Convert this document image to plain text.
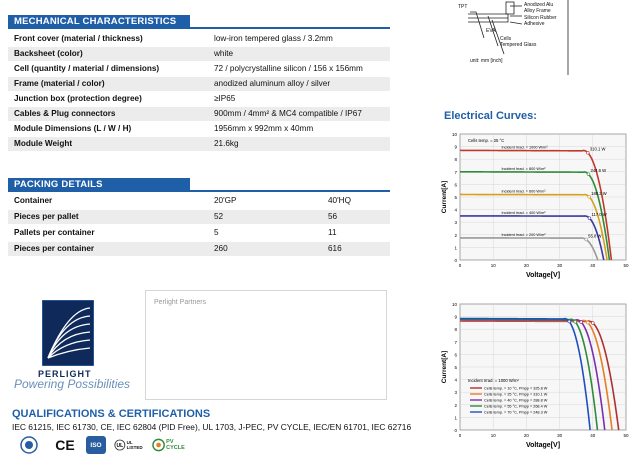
MECHANICAL CHARACTERISTICS
Front cover (material / thickness)	low-iron tempered glass / 3.2mm
Backsheet (color)	white
Cell (quantity / material / dimensions)	72 / polycrystalline silicon / 156 x 156mm
Frame (material / color)	anodized aluminum alloy / silver
Junction box (protection degree)	≥IP65
Cables & Plug connectors	900mm / 4mm² & MC4 compatible / IP67
Module Dimensions (L / W / H)	1956mm x 992mm x 40mm
Module Weight	21.6kg
PACKING DETAILS
Container	20'GP	40'HQ
Pieces per pallet	52	56
Pallets per container	5	11
Pieces per container	260	616
PERLIGHT
Powering Possibilities
Perlight Partners
QUALIFICATIONS & CERTIFICATIONS
IEC 61215, IEC 61730, CE, IEC 62804 (PID Free), UL 1703, J-PEC, PV CYCLE, IEC/EN 61701, IEC 62716
CE ISO UL
UL LISTED
PV CYCLE
TPT	Anodized Alu
Alloy Frame
Silicon Rubber
Adhesive
EVA
Cells
Tempered Glass
unit: mm [inch]
Electrical Curves:
0
1
2
3
4
5
6
7
8
9
10
0	10	20	30	40	50
Voltage[V]
Current[A]
Incident Irrad. = 1000 W/m²	310.1 W
Incident Irrad. = 800 W/m²	244.6 W
Incident Irrad. = 600 W/m²	180.2 W
Incident Irrad. = 400 W/m²	117.0 W
Incident Irrad. = 200 W/m²	55.8 W
Cells temp. = 25 °C
0
1
2
3
4
5
6
7
8
9
10
0	10	20	30	40	50
Voltage[V]
Current[A]
Cells temp. = 10 °C, Pmpp = 325.8 W
Cells temp. = 25 °C, Pmpp = 310.1 W
Cells temp. = 40 °C, Pmpp = 288.8 W
Cells temp. = 55 °C, Pmpp = 268.4 W
Cells temp. = 70 °C, Pmpp = 248.3 W
Incident Irrad. = 1000 W/m²
